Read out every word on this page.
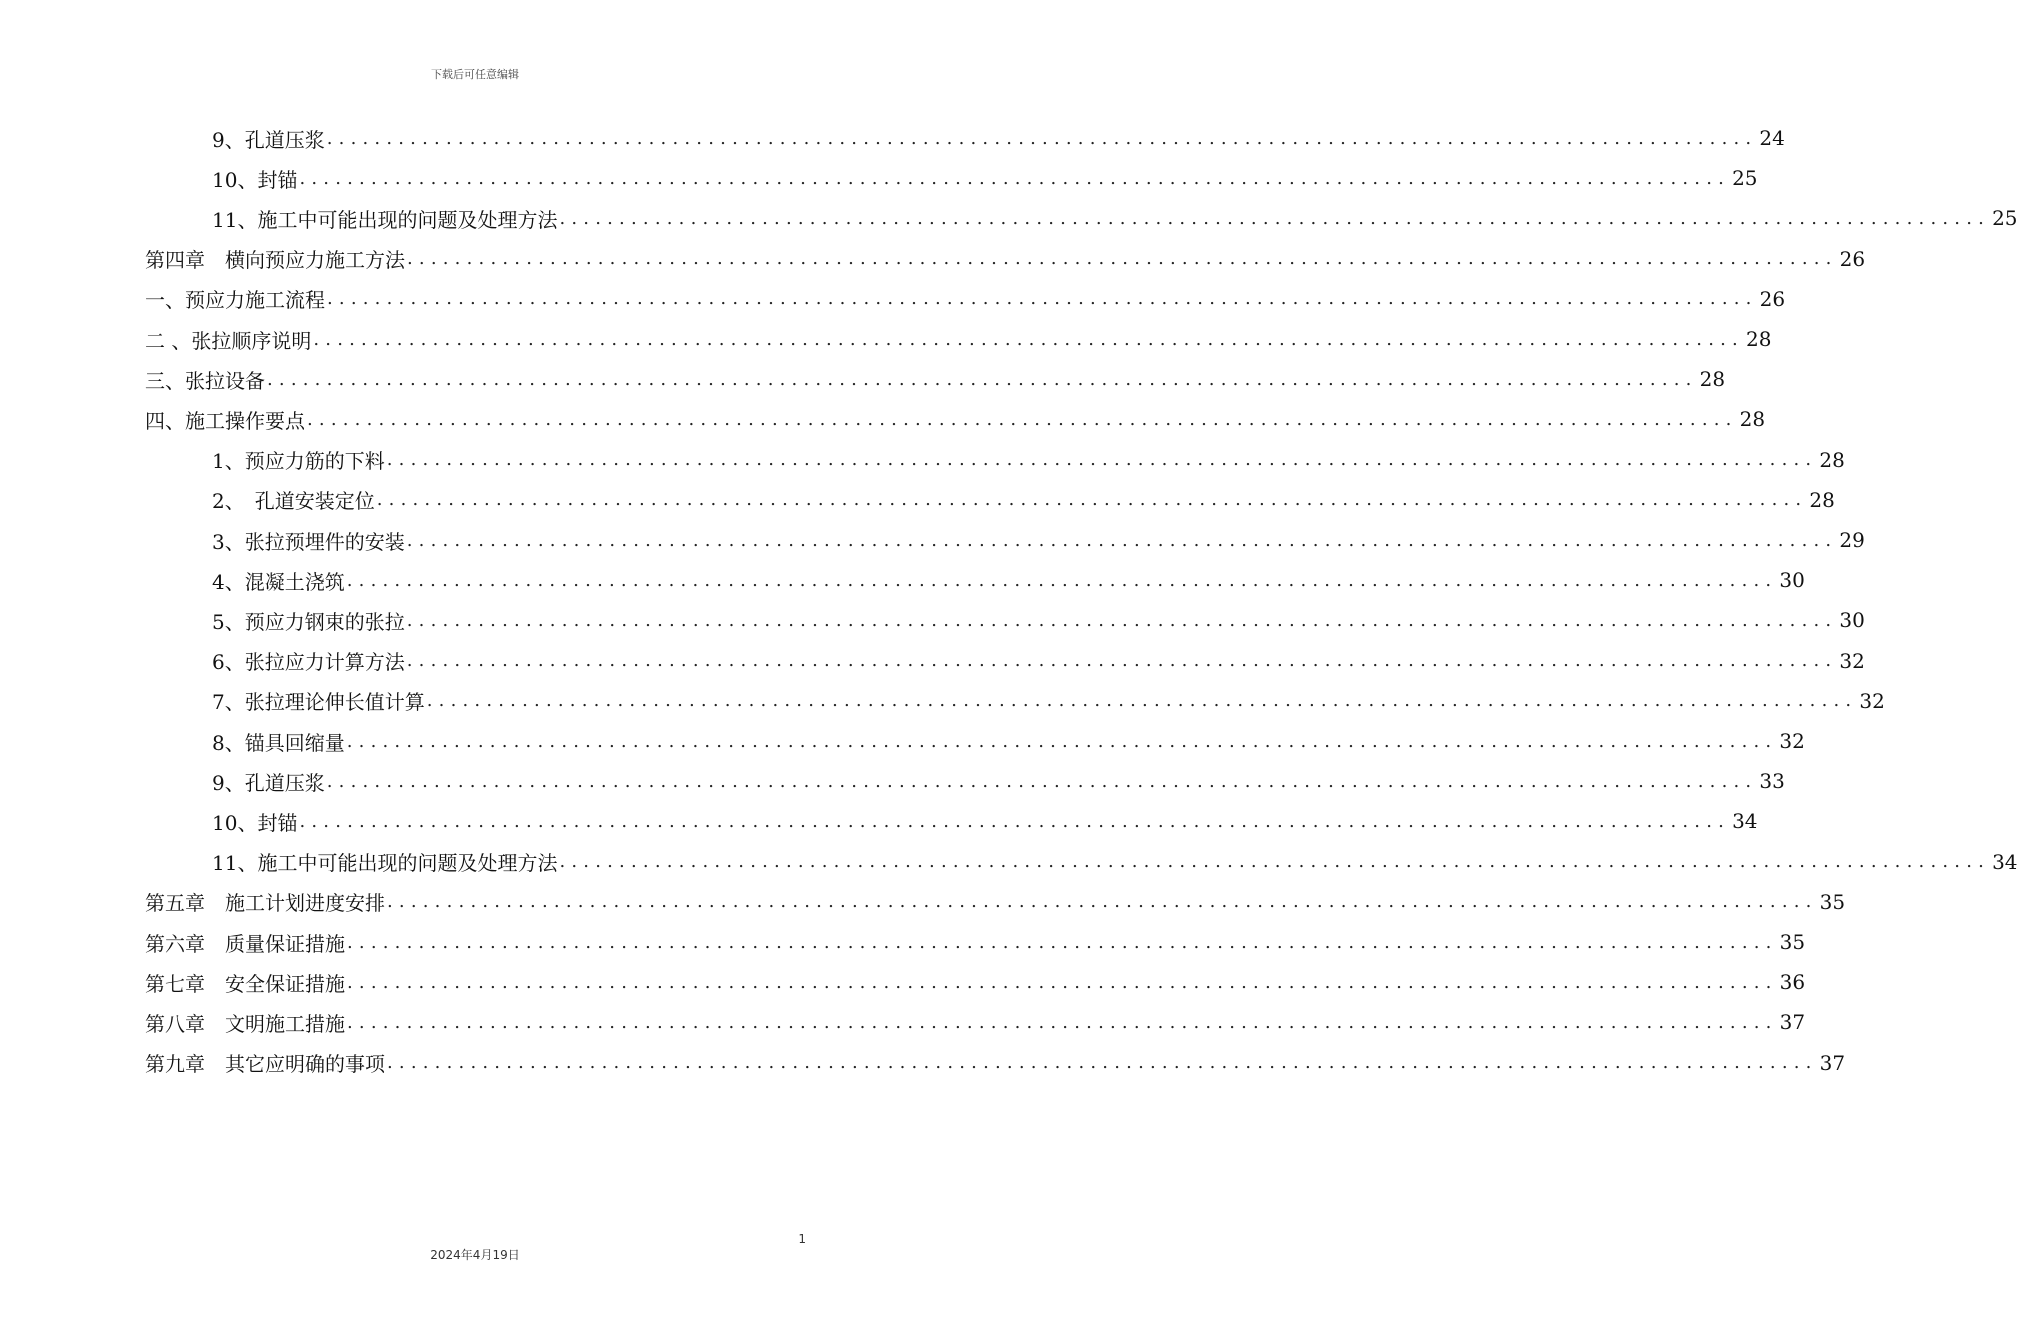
下载后可任意编辑
9、孔道压浆 ........................................................................................................................ 24
10、封锚 ........................................................................................................................ 25
11、施工中可能出现的问题及处理方法 ........................................................................................................................ 25
第四章　横向预应力施工方法 ........................................................................................................................ 26
一、预应力施工流程 ........................................................................................................................ 26
二 、张拉顺序说明 ........................................................................................................................ 28
三、张拉设备 ........................................................................................................................ 28
四、施工操作要点 ........................................................................................................................ 28
1、预应力筋的下料 ........................................................................................................................ 28
2、　孔道安装定位 ........................................................................................................................ 28
3、张拉预埋件的安装 ........................................................................................................................ 29
4、混凝土浇筑 ........................................................................................................................ 30
5、预应力钢束的张拉 ........................................................................................................................ 30
6、张拉应力计算方法 ........................................................................................................................ 32
7、张拉理论伸长值计算 ........................................................................................................................ 32
8、锚具回缩量 ........................................................................................................................ 32
9、孔道压浆 ........................................................................................................................ 33
10、封锚 ........................................................................................................................ 34
11、施工中可能出现的问题及处理方法 ........................................................................................................................ 34
第五章　施工计划进度安排 ........................................................................................................................ 35
第六章　质量保证措施 ........................................................................................................................ 35
第七章　安全保证措施 ........................................................................................................................ 36
第八章　文明施工措施 ........................................................................................................................ 37
第九章　其它应明确的事项 ........................................................................................................................ 37
1
2024年4月19日
